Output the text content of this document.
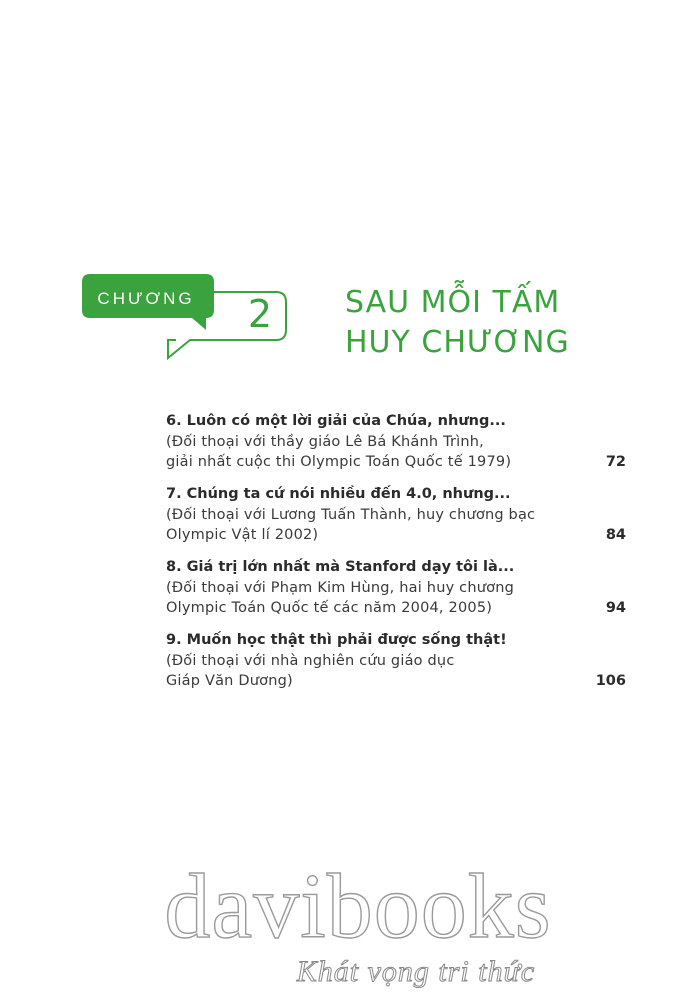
CHƯƠNG	2	SAU MỖI TẤM
HUY CHƯƠNG
6. Luôn có một lời giải của Chúa, nhưng...
(Đối thoại với thầy giáo Lê Bá Khánh Trình,
giải nhất cuộc thi Olympic Toán Quốc tế 1979)	72
7. Chúng ta cứ nói nhiều đến 4.0, nhưng...
(Đối thoại với Lương Tuấn Thành, huy chương bạc
Olympic Vật lí 2002)	84
8. Giá trị lớn nhất mà Stanford dạy tôi là...
(Đối thoại với Phạm Kim Hùng, hai huy chương
Olympic Toán Quốc tế các năm 2004, 2005)	94
9. Muốn học thật thì phải được sống thật!
(Đối thoại với nhà nghiên cứu giáo dục
Giáp Văn Dương)	106
davibooks
Khát vọng tri thức
